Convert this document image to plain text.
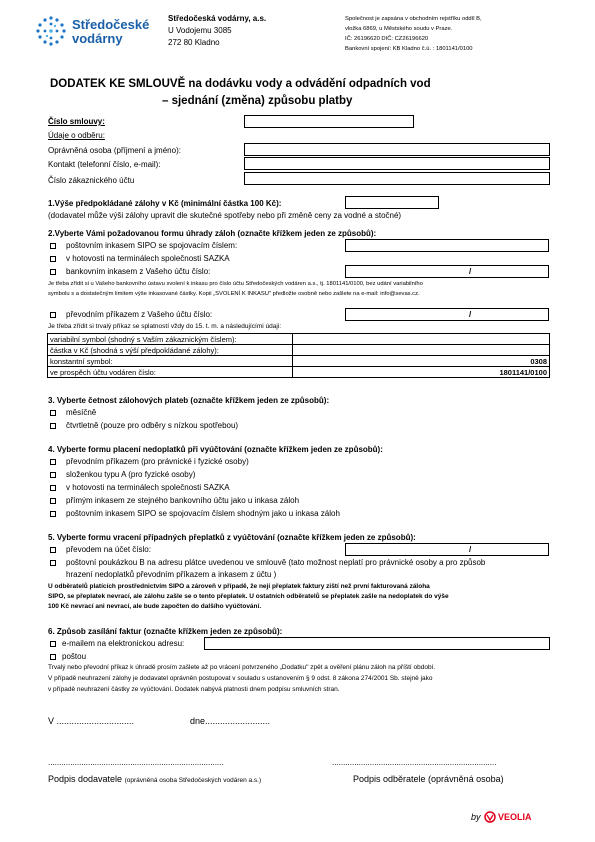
Středočeské
vodárny
Středočeská vodárny, a.s.
U Vodojemu 3085
272 80 Kladno
Společnost je zapsána v obchodním rejstříku oddíl B,
vložka 6869, u Městského soudu v Praze.
IČ: 26196620 DIČ: CZ26196620
Bankovní spojení: KB Kladno č.ú. : 1801141/0100
DODATEK KE SMLOUVĚ na dodávku vody a odvádění odpadních vod
– sjednání (změna) způsobu platby
Číslo smlouvy:
Údaje o odběru:
Oprávněná osoba (příjmení a jméno):
Kontakt (telefonní číslo, e-mail):
Číslo zákaznického účtu
1.Výše předpokládané zálohy v Kč (minimální částka 100 Kč):
(dodavatel může výši zálohy upravit dle skutečné spotřeby nebo při změně ceny za vodné a stočné)
2.Vyberte Vámi požadovanou formu úhrady záloh (označte křížkem jeden ze způsobů):
poštovním inkasem SIPO se spojovacím číslem:
v hotovosti na terminálech společnosti SAZKA
bankovním inkasem z Vašeho účtu číslo:	/
Je třeba zřídit si u Vašeho bankovního ústavu svolení k inkasu pro číslo účtu Středočeských vodáren a.s., tj. 1801141/0100, bez udání variabilního
symbolu s a dostatečným limitem výše inkasované částky. Kopii „SVOLENÍ K INKASU" předložte osobně nebo zašlete na e-mail: info@sevas.cz.
převodním příkazem z Vašeho účtu číslo:	/
Je třeba zřídit si trvalý příkaz se splatností vždy do 15. t. m. a následujícími údaji:
variabilní symbol (shodný s Vaším zákaznickým číslem):	
částka v Kč (shodná s výší předpokládané zálohy):	
konstantní symbol:	0308
ve prospěch účtu vodáren číslo:	1801141/0100
3. Vyberte četnost zálohových plateb (označte křížkem jeden ze způsobů):
měsíčně
čtvrtletně (pouze pro odběry s nízkou spotřebou)
4. Vyberte formu placení nedoplatků při vyúčtování (označte křížkem jeden ze způsobů):
převodním příkazem (pro právnické i fyzické osoby)
složenkou typu A (pro fyzické osoby)
v hotovosti na terminálech společnosti SAZKA
přímým inkasem ze stejného bankovního účtu jako u inkasa záloh
poštovním inkasem SIPO se spojovacím číslem shodným jako u inkasa záloh
5. Vyberte formu vracení případných přeplatků z vyúčtování (označte křížkem jeden ze způsobů):
převodem na účet číslo:	/
poštovní poukázkou B na adresu plátce uvedenou ve smlouvě (tato možnost neplatí pro právnické osoby a pro způsob
hrazení nedoplatků převodním příkazem a inkasem z účtu )
U odběratelů platících prostřednictvím SIPO a zároveň v případě, že nejí přeplatek faktury ziští než první fakturovaná záloha
SIPO, se přeplatek nevrací, ale zálohu zašle se o tento přeplatek. U ostatních odběratelů se přeplatek zašle na nedoplatek do výše
100 Kč nevrací ani nevrací, ale bude započten do dalšího vyúčtování.
6. Způsob zasílání faktur (označte křížkem jeden ze způsobů):
e-mailem na elektronickou adresu:
poštou
Trvalý nebo převodní příkaz k úhradě prosím zašlete až po vrácení potvrzeného „Dodatku" zpět a ověření plánu záloh na příští období.
V případě neuhrazení zálohy je dodavatel oprávněn postupovat v souladu s ustanovením § 9 odst. 8 zákona 274/2001 Sb. stejně jako
v případě neuhrazení částky ze vyúčtování. Dodatek nabývá platnosti dnem podpisu smluvních stran.
V ...............................	dne..........................
...............................................................................	..........................................................................
Podpis dodavatele (oprávněná osoba Středočeských vodáren a.s.)	Podpis odběratele (oprávněná osoba)
by VEOLIA
